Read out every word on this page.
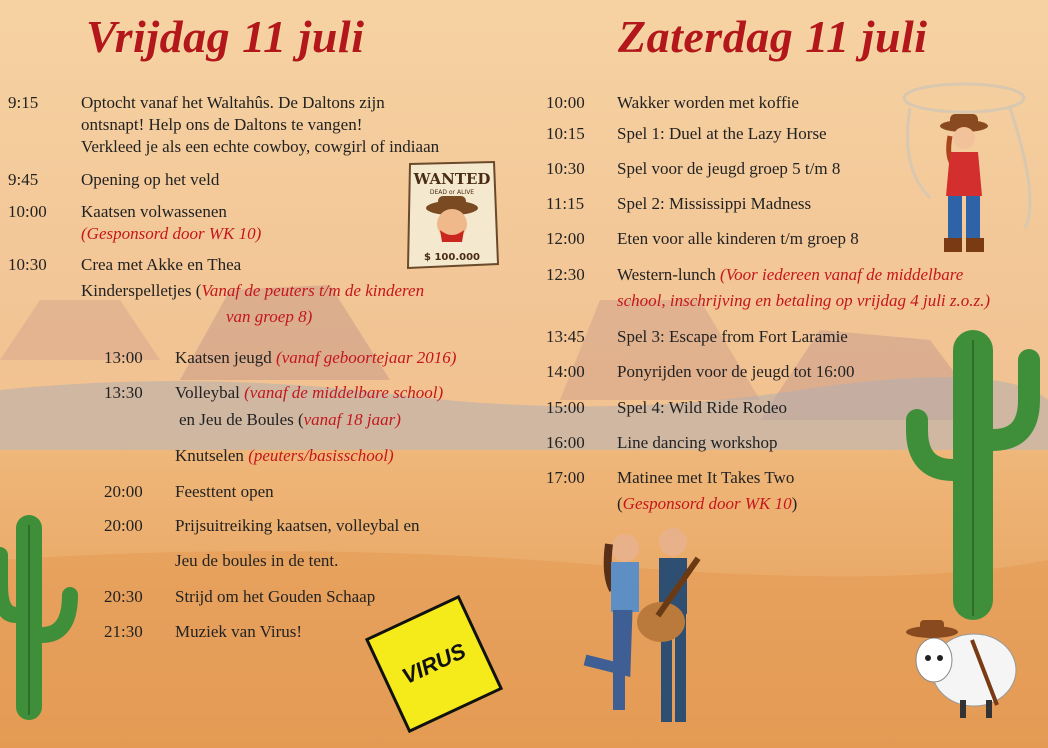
Vrijdag 11 juli	Zaterdag 11 juli
9:15	Optocht vanaf het Waltahûs. De Daltons zijn
ontsnapt! Help ons de Daltons te vangen!
Verkleed je als een echte cowboy, cowgirl of indiaan
9:45	Opening op het veld
10:00 Kaatsen volwassenen
(Gesponsord door WK 10)
10:30 Crea met Akke en Thea
Kinderspelletjes (Vanaf de peuters t/m de kinderen
van groep 8)
13:00 Kaatsen jeugd (vanaf geboortejaar 2016)
13:30 Volleybal (vanaf de middelbare school)
en Jeu de Boules (vanaf 18 jaar)
Knutselen (peuters/basisschool)
20:00 Feesttent open
20:00 Prijsuitreiking kaatsen, volleybal en
Jeu de boules in de tent.
20:30 Strijd om het Gouden Schaap
21:30 Muziek van Virus!
10:00 Wakker worden met koffie
10:15 Spel 1: Duel at the Lazy Horse
10:30 Spel voor de jeugd groep 5 t/m 8
11:15 Spel 2: Mississippi Madness
12:00 Eten voor alle kinderen t/m groep 8
12:30 Western-lunch (Voor iedereen vanaf de middelbare
school, inschrijving en betaling op vrijdag 4 juli z.o.z.)
13:45 Spel 3: Escape from Fort Laramie
14:00 Ponyrijden voor de jeugd tot 16:00
15:00 Spel 4: Wild Ride Rodeo
16:00 Line dancing workshop
17:00 Matinee met It Takes Two
(Gesponsord door WK 10)
WANTED
DEAD or ALIVE
$ 100.000
VIRUS
